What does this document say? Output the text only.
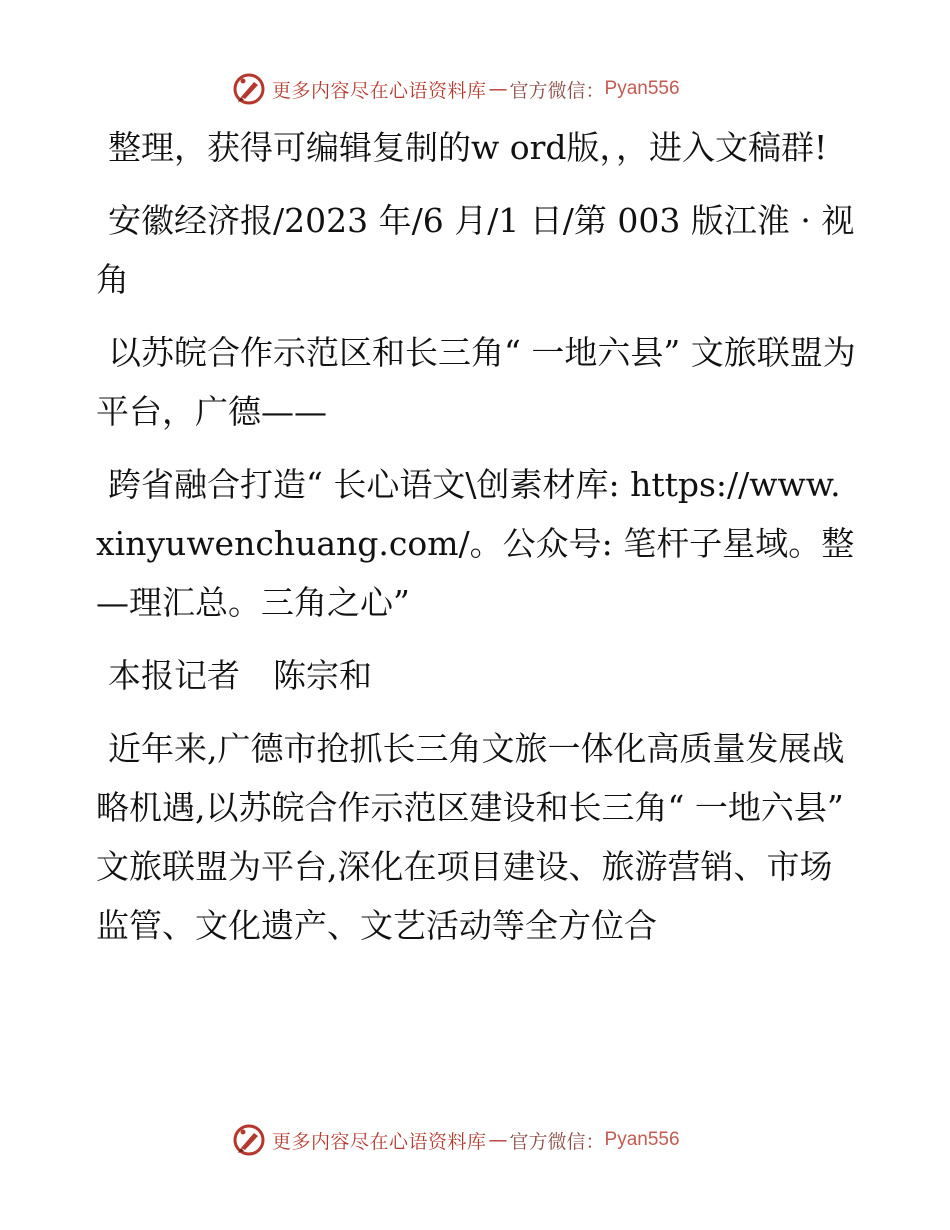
更多内容尽在心语资料库 — 官方微信： Pyan556

整理，获得可编辑复制的w ord版，，进入文稿群!

安徽经济报/2023 年/6 月/1 日/第 003 版江淮 · 视角

以苏皖合作示范区和长三角“ 一地六县” 文旅联盟为平台，广德——

跨省融合打造“ 长心语文\创素材库: https://www.xinyuwenchuang.com/。公众号: 笔杆子星域。整—理汇总。三角之心”

本报记者　陈宗和

近年来,广德市抢抓长三角文旅一体化高质量发展战略机遇,以苏皖合作示范区建设和长三角“ 一地六县” 文旅联盟为平台,深化在项目建设、旅游营销、市场监管、文化遗产、文艺活动等全方位合

更多内容尽在心语资料库 — 官方微信： Pyan556
